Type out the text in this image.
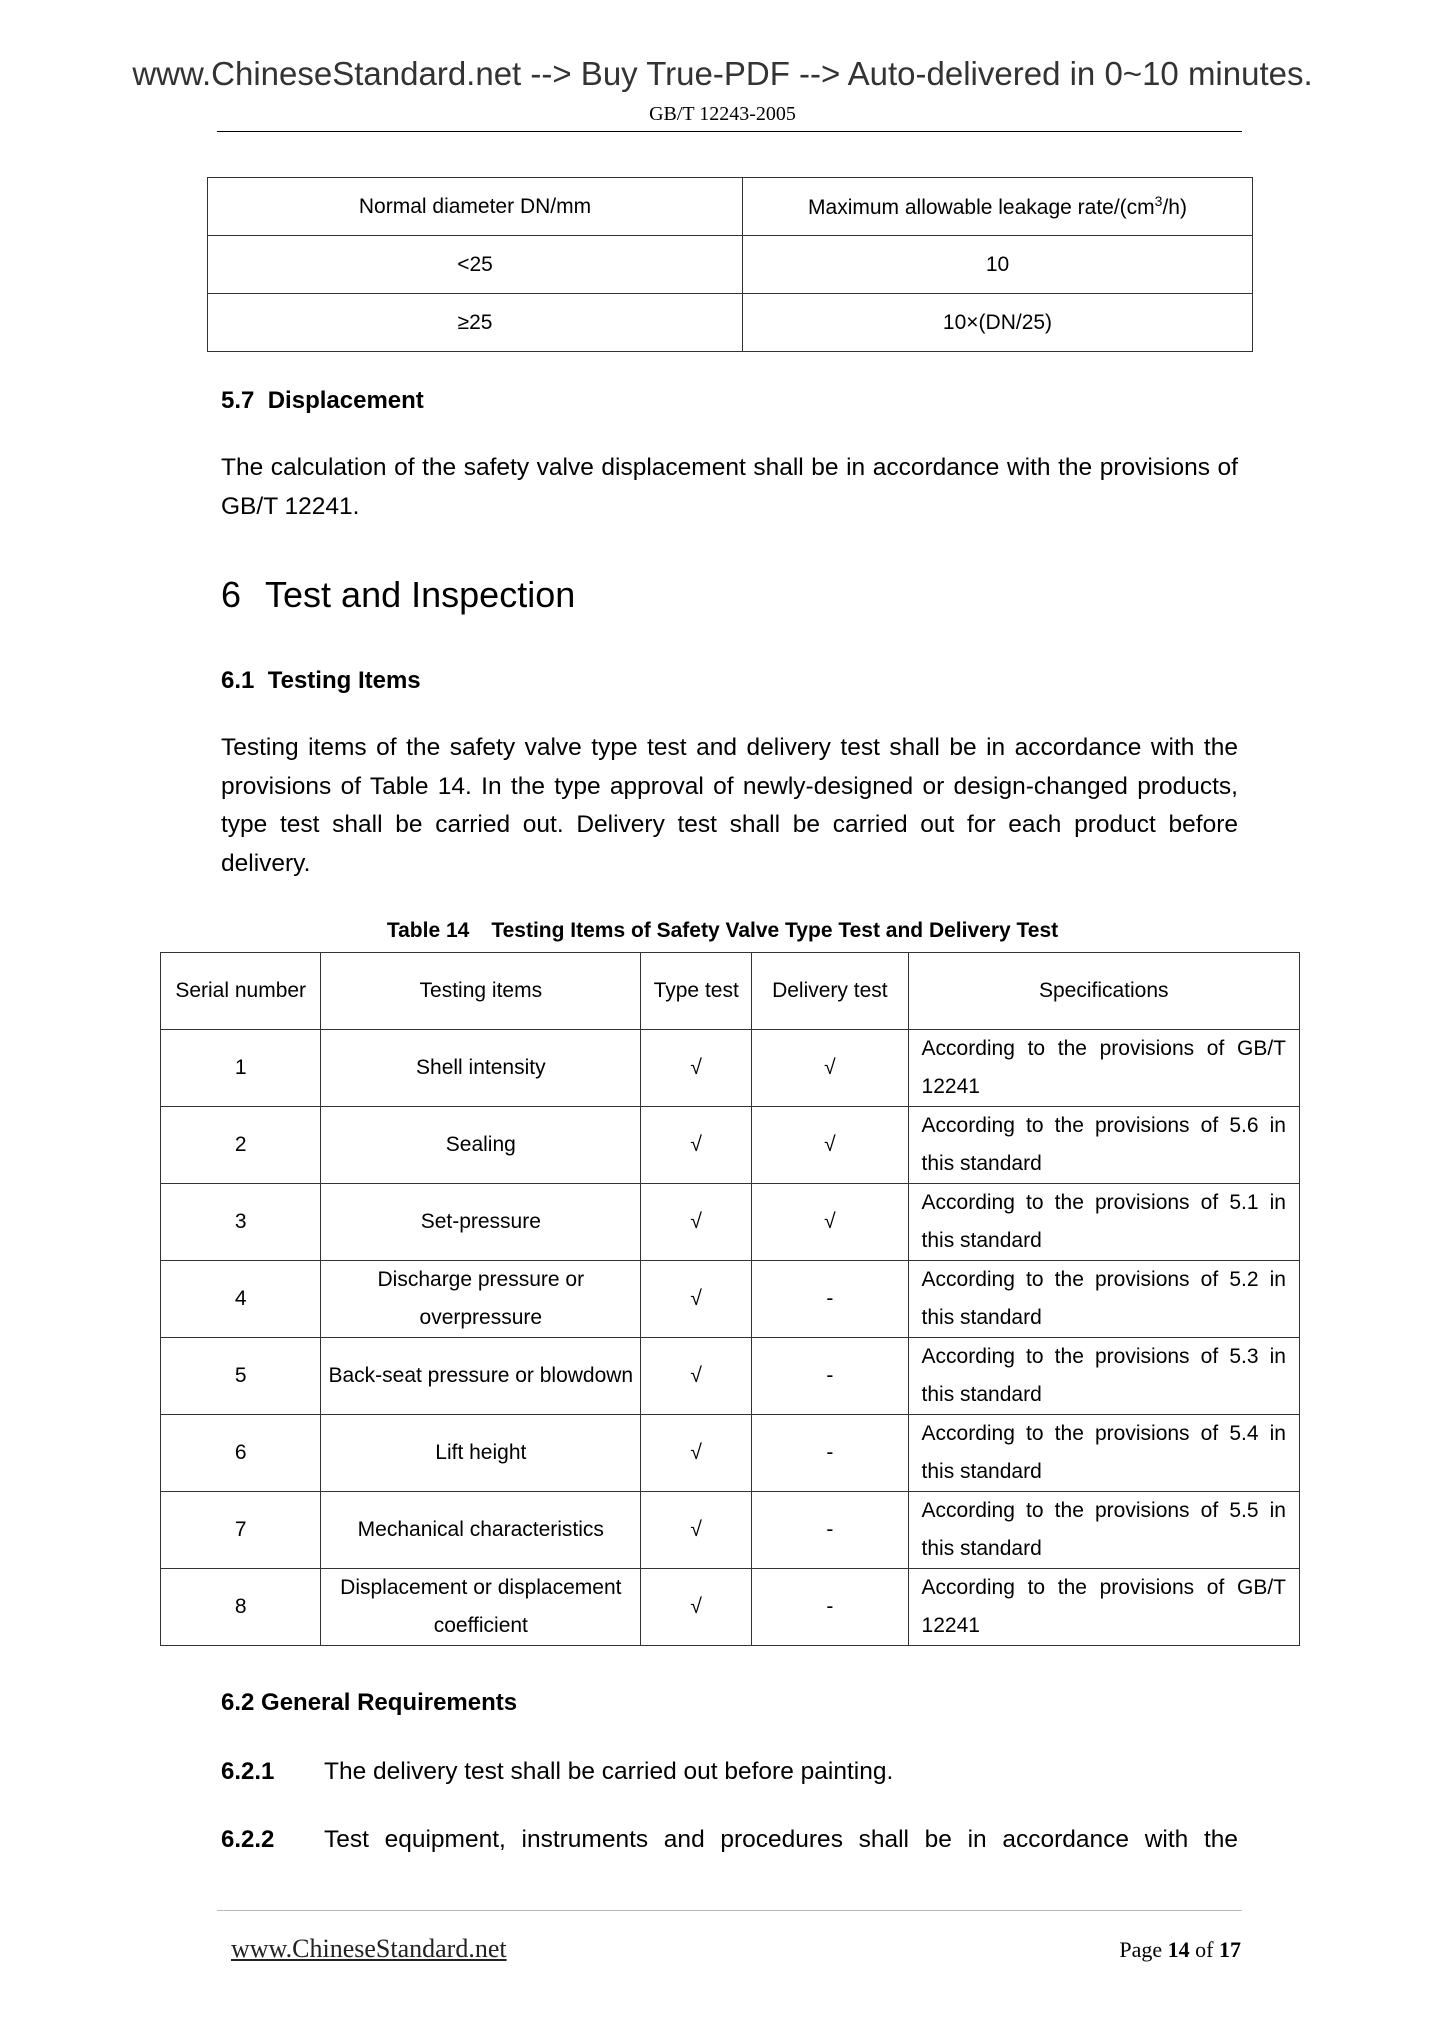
www.ChineseStandard.net --> Buy True-PDF --> Auto-delivered in 0~10 minutes.
GB/T 12243-2005
Normal diameter DN/mm	Maximum allowable leakage rate/$(cm^3/h)$
<25	10
≥25	10×(DN/25)
5.7 Displacement
The calculation of the safety valve displacement shall be in accordance with the provisions of GB/T 12241.
6 Test and Inspection
6.1 Testing Items
Testing items of the safety valve type test and delivery test shall be in accordance with the provisions of Table 14. In the type approval of newly-designed or design-changed products, type test shall be carried out. Delivery test shall be carried out for each product before delivery.
Table 14 Testing Items of Safety Valve Type Test and Delivery Test
Serial number	Testing items	Type test	Delivery test	Specifications
1	Shell intensity	√	√	According to the provisions of GB/T 12241
2	Sealing	√	√	According to the provisions of 5.6 in this standard
3	Set-pressure	√	√	According to the provisions of 5.1 in this standard
4	Discharge pressure or overpressure	√	-	According to the provisions of 5.2 in this standard
5	Back-seat pressure or blowdown	√	-	According to the provisions of 5.3 in this standard
6	Lift height	√	-	According to the provisions of 5.4 in this standard
7	Mechanical characteristics	√	-	According to the provisions of 5.5 in this standard
8	Displacement or displacement coefficient	√	-	According to the provisions of GB/T 12241
6.2 General Requirements
6.2.1 The delivery test shall be carried out before painting.
6.2.2 Test equipment, instruments and procedures shall be in accordance with the
www.ChineseStandard.net	Page 14 of 17
